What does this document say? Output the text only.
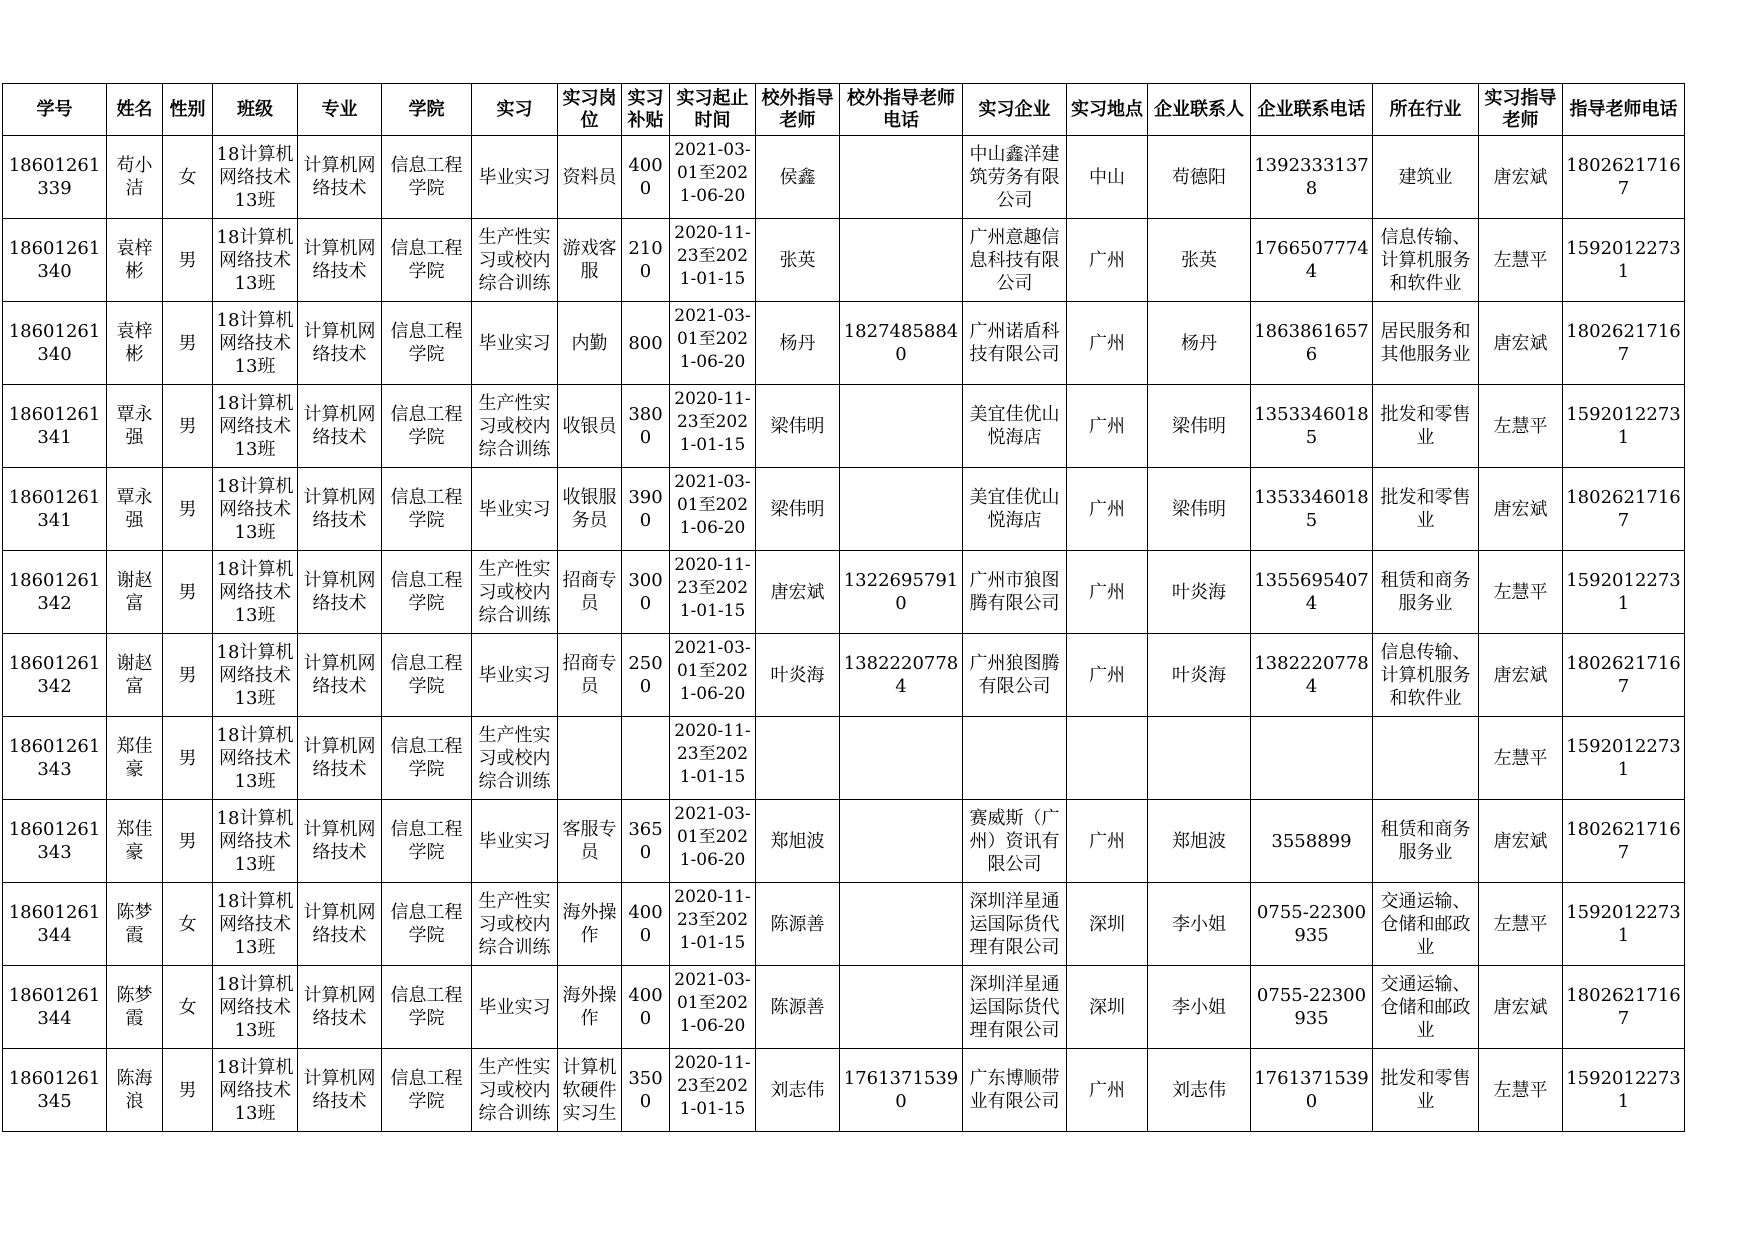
学号	姓名	性别	班级	专业	学院	实习	实习岗位	实习补贴	实习起止时间	校外指导老师	校外指导老师电话	实习企业	实习地点	企业联系人	企业联系电话	所在行业	实习指导老师	指导老师电话
18601261339	苟小洁	女	18计算机网络技术13班	计算机网络技术	信息工程学院	毕业实习	资料员	4000	2021-03-01至2021-06-20	侯鑫		中山鑫洋建筑劳务有限公司	中山	苟德阳	13923331378	建筑业	唐宏斌	18026217167
18601261340	袁梓彬	男	18计算机网络技术13班	计算机网络技术	信息工程学院	生产性实习或校内综合训练	游戏客服	2100	2020-11-23至2021-01-15	张英		广州意趣信息科技有限公司	广州	张英	17665077744	信息传输、计算机服务和软件业	左慧平	15920122731
18601261340	袁梓彬	男	18计算机网络技术13班	计算机网络技术	信息工程学院	毕业实习	内勤	800	2021-03-01至2021-06-20	杨丹	18274858840	广州诺盾科技有限公司	广州	杨丹	18638616576	居民服务和其他服务业	唐宏斌	18026217167
18601261341	覃永强	男	18计算机网络技术13班	计算机网络技术	信息工程学院	生产性实习或校内综合训练	收银员	3800	2020-11-23至2021-01-15	梁伟明		美宜佳优山悦海店	广州	梁伟明	13533460185	批发和零售业	左慧平	15920122731
18601261341	覃永强	男	18计算机网络技术13班	计算机网络技术	信息工程学院	毕业实习	收银服务员	3900	2021-03-01至2021-06-20	梁伟明		美宜佳优山悦海店	广州	梁伟明	13533460185	批发和零售业	唐宏斌	18026217167
18601261342	谢赵富	男	18计算机网络技术13班	计算机网络技术	信息工程学院	生产性实习或校内综合训练	招商专员	3000	2020-11-23至2021-01-15	唐宏斌	13226957910	广州市狼图腾有限公司	广州	叶炎海	13556954074	租赁和商务服务业	左慧平	15920122731
18601261342	谢赵富	男	18计算机网络技术13班	计算机网络技术	信息工程学院	毕业实习	招商专员	2500	2021-03-01至2021-06-20	叶炎海	13822207784	广州狼图腾有限公司	广州	叶炎海	13822207784	信息传输、计算机服务和软件业	唐宏斌	18026217167
18601261343	郑佳豪	男	18计算机网络技术13班	计算机网络技术	信息工程学院	生产性实习或校内综合训练			2020-11-23至2021-01-15								左慧平	15920122731
18601261343	郑佳豪	男	18计算机网络技术13班	计算机网络技术	信息工程学院	毕业实习	客服专员	3650	2021-03-01至2021-06-20	郑旭波		赛威斯（广州）资讯有限公司	广州	郑旭波	3558899	租赁和商务服务业	唐宏斌	18026217167
18601261344	陈梦霞	女	18计算机网络技术13班	计算机网络技术	信息工程学院	生产性实习或校内综合训练	海外操作	4000	2020-11-23至2021-01-15	陈源善		深圳洋星通运国际货代理有限公司	深圳	李小姐	0755-22300935	交通运输、仓储和邮政业	左慧平	15920122731
18601261344	陈梦霞	女	18计算机网络技术13班	计算机网络技术	信息工程学院	毕业实习	海外操作	4000	2021-03-01至2021-06-20	陈源善		深圳洋星通运国际货代理有限公司	深圳	李小姐	0755-22300935	交通运输、仓储和邮政业	唐宏斌	18026217167
18601261345	陈海浪	男	18计算机网络技术13班	计算机网络技术	信息工程学院	生产性实习或校内综合训练	计算机软硬件实习生	3500	2020-11-23至2021-01-15	刘志伟	17613715390	广东博顺带业有限公司	广州	刘志伟	17613715390	批发和零售业	左慧平	15920122731
